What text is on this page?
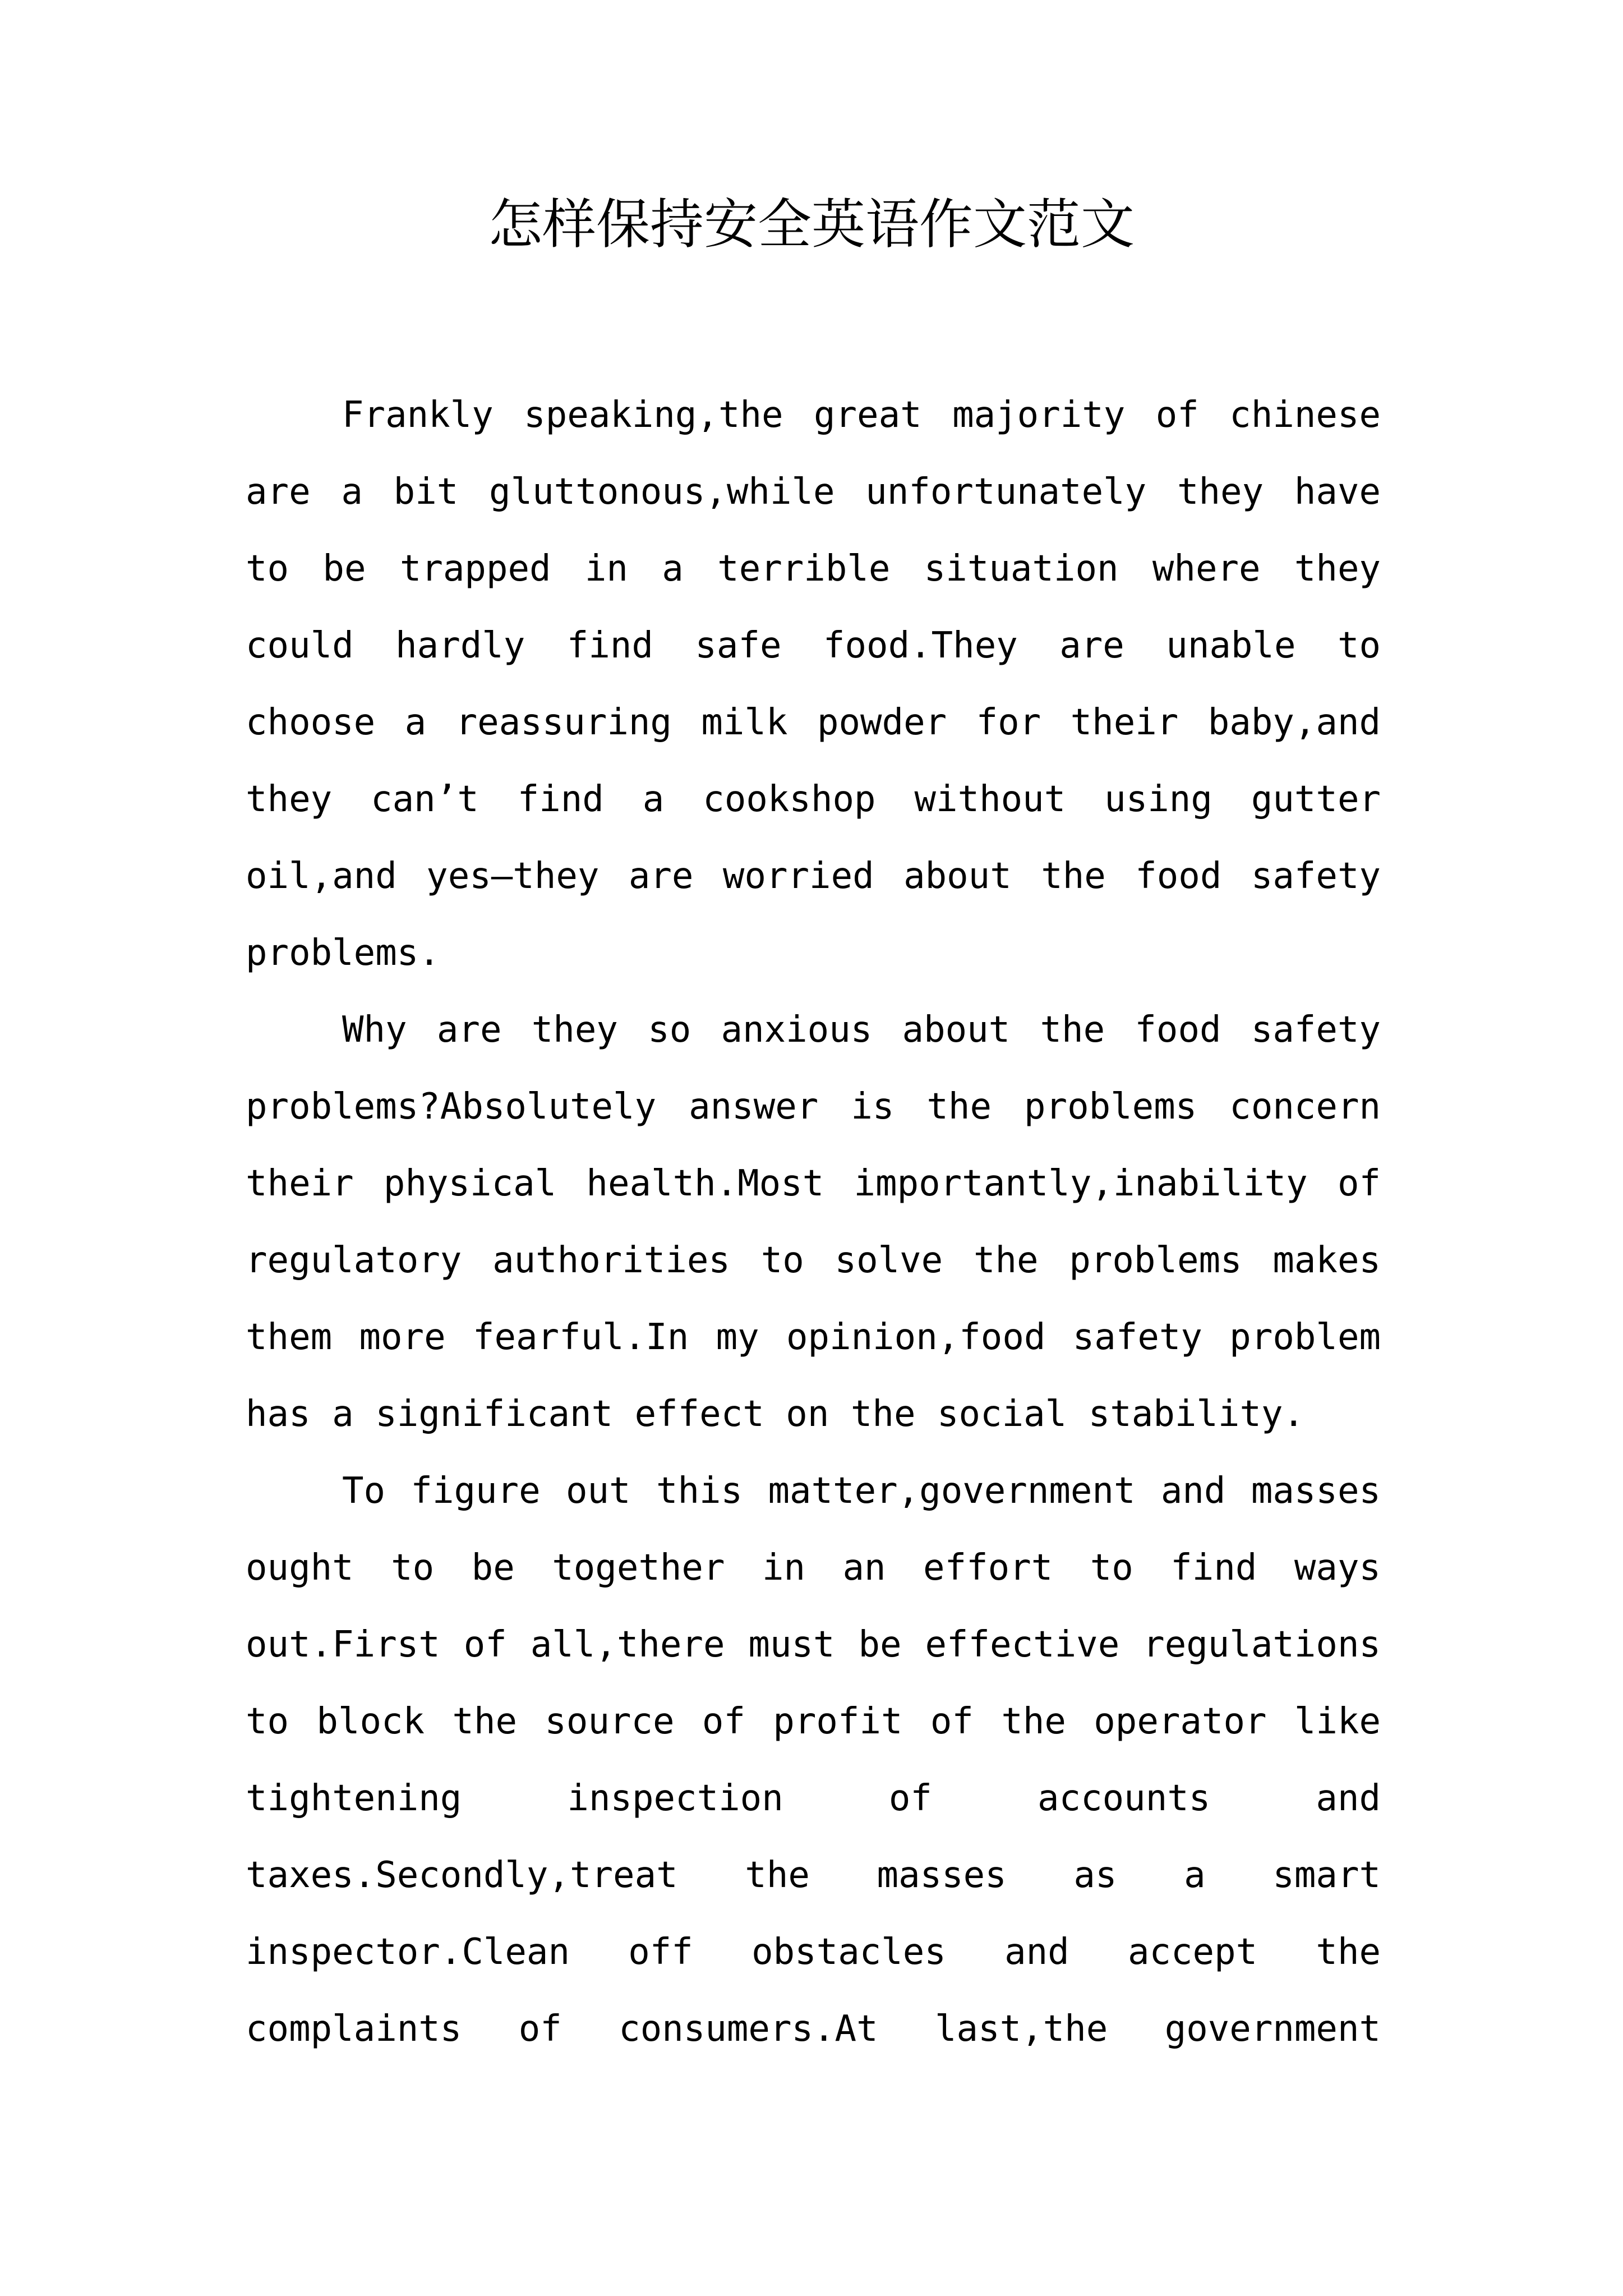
怎样保持安全英语作文范文

Frankly speaking,the great majority of chinese are a bit gluttonous,while unfortunately they have to be trapped in a terrible situation where they could hardly find safe food.They are unable to choose a reassuring milk powder for their baby,and they can’t find a cookshop without using gutter oil,and yes—they are worried about the food safety problems.

Why are they so anxious about the food safety problems?Absolutely answer is the problems concern their physical health.Most importantly,inability of regulatory authorities to solve the problems makes them more fearful.In my opinion,food safety problem has a significant effect on the social stability.

To figure out this matter,government and masses ought to be together in an effort to find ways out.First of all,there must be effective regulations to block the source of profit of the operator like tightening inspection of accounts and taxes.Secondly,treat the masses as a smart inspector.Clean off obstacles and accept the complaints of consumers.At last,the government
